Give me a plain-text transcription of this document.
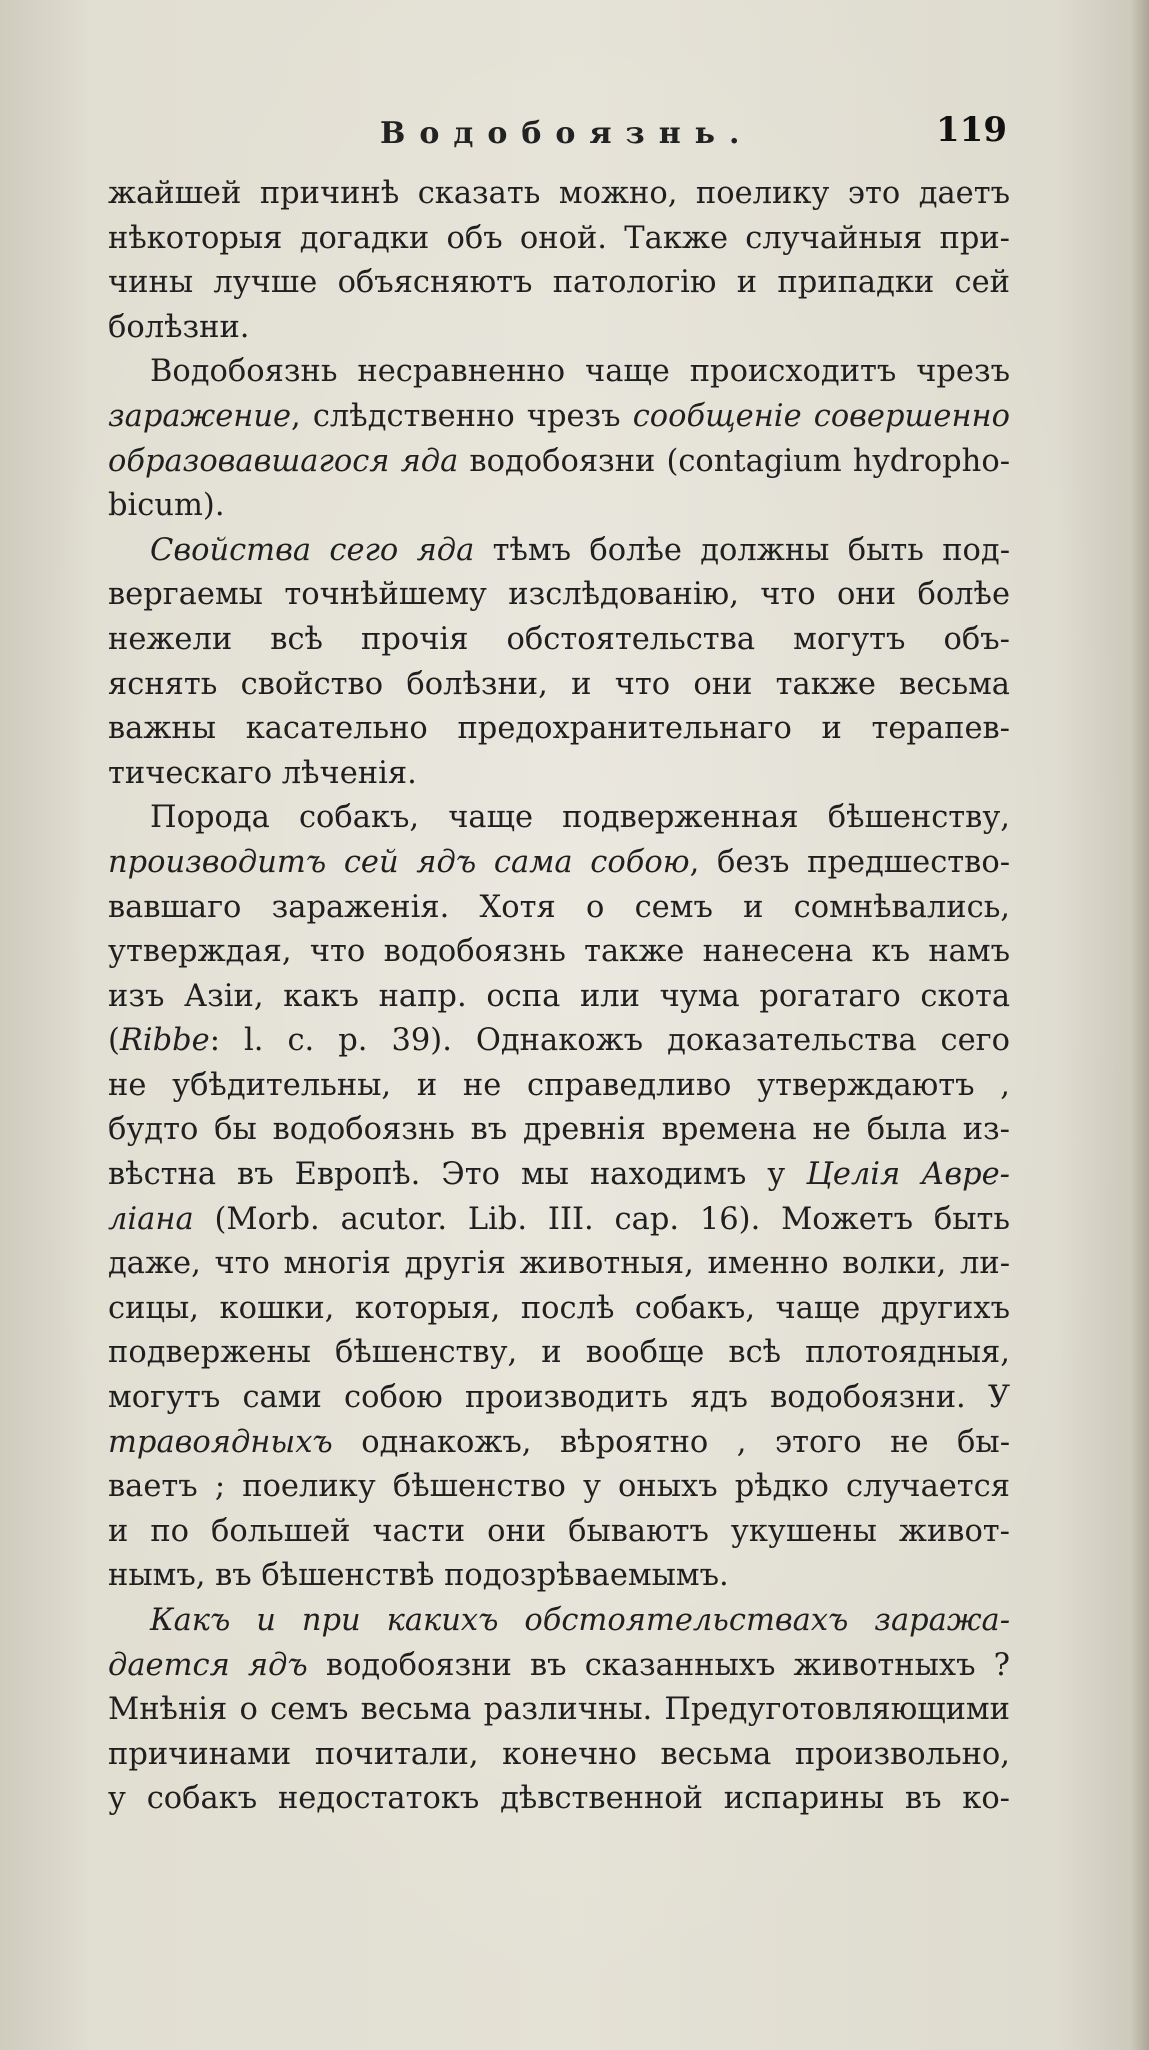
Водобоязнь.	119
жайшей причинѣ сказать можно, поелику это даетъ
нѣкоторыя догадки объ оной. Также случайныя при-
чины лучше объясняютъ патологію и припадки сей
болѣзни.
Водобоязнь несравненно чаще происходитъ чрезъ
заражение, слѣдственно чрезъ сообщеніе совершенно
образовавшагося яда водобоязни (contagium hydropho-
bicum).
Свойства сего яда тѣмъ болѣе должны быть под-
вергаемы точнѣйшему изслѣдованію, что они болѣе
нежели всѣ прочія обстоятельства могутъ объ-
яснять свойство болѣзни, и что они также весьма
важны касательно предохранительнаго и терапев-
тическаго лѣченія.
Порода собакъ, чаще подверженная бѣшенству,
производитъ сей ядъ сама собою, безъ предшество-
вавшаго зараженія. Хотя о семъ и сомнѣвались,
утверждая, что водобоязнь также нанесена къ намъ
изъ Азіи, какъ напр. оспа или чума рогатаго скота
(Ribbe: l. c. p. 39). Однакожъ доказательства сего
не убѣдительны, и не справедливо утверждаютъ ,
будто бы водобоязнь въ древнія времена не была из-
вѣстна въ Европѣ. Это мы находимъ у Целія Авре-
ліана (Morb. acutor. Lib. III. cap. 16). Можетъ быть
даже, что многія другія животныя, именно волки, ли-
сицы, кошки, которыя, послѣ собакъ, чаще другихъ
подвержены бѣшенству, и вообще всѣ плотоядныя,
могутъ сами собою производить ядъ водобоязни. У
травоядныхъ однакожъ, вѣроятно , этого не бы-
ваетъ ; поелику бѣшенство у оныхъ рѣдко случается
и по большей части они бываютъ укушены живот-
нымъ, въ бѣшенствѣ подозрѣваемымъ.
Какъ и при какихъ обстоятельствахъ заража-
дается ядъ водобоязни въ сказанныхъ животныхъ ?
Мнѣнія о семъ весьма различны. Предуготовляющими
причинами почитали, конечно весьма произвольно,
у собакъ недостатокъ дѣвственной испарины въ ко-
